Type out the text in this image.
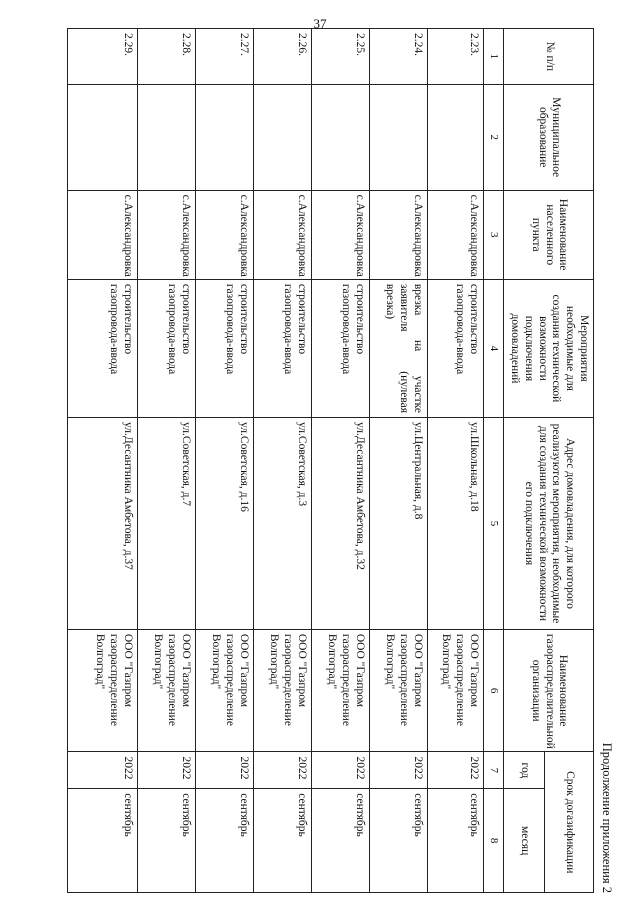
37
Продолжение приложения 2
№ п/п	Муниципальное образование	Наименование населенного пункта	Мероприятия необходимые для создания технической возможности подключения домовладений	Адрес домовладения, для которого реализуются мероприятия, необходимые для создания технической возможности его подключения	Наименование газораспределительной организации	Срок догазификации	
						год	месяц
1	2	3	4	5	6	7	8
2.23.		с.Александровка	строительство газопровода-ввода	ул.Школьная, д.18	ООО "Газпром газораспределение Волгоград"	2022	сентябрь
2.24.		с.Александровка	врезка на участке заявителя (нулевая врезка)	ул.Центральная, д.8	ООО "Газпром газораспределение Волгоград"	2022	сентябрь
2.25.		с.Александровка	строительство газопровода-ввода	ул.Десантника Амбетова, д.32	ООО "Газпром газораспределение Волгоград"	2022	сентябрь
2.26.		с.Александровка	строительство газопровода-ввода	ул.Советская, д.3	ООО "Газпром газораспределение Волгоград"	2022	сентябрь
2.27.		с.Александровка	строительство газопровода-ввода	ул.Советская, д.16	ООО "Газпром газораспределение Волгоград"	2022	сентябрь
2.28.		с.Александровка	строительство газопровода-ввода	ул.Советская, д.7	ООО "Газпром газораспределение Волгоград"	2022	сентябрь
2.29.		с.Александровка	строительство газопровода-ввода	ул.Десантника Амбетова, д.37	ООО "Газпром газораспределение Волгоград"	2022	сентябрь
